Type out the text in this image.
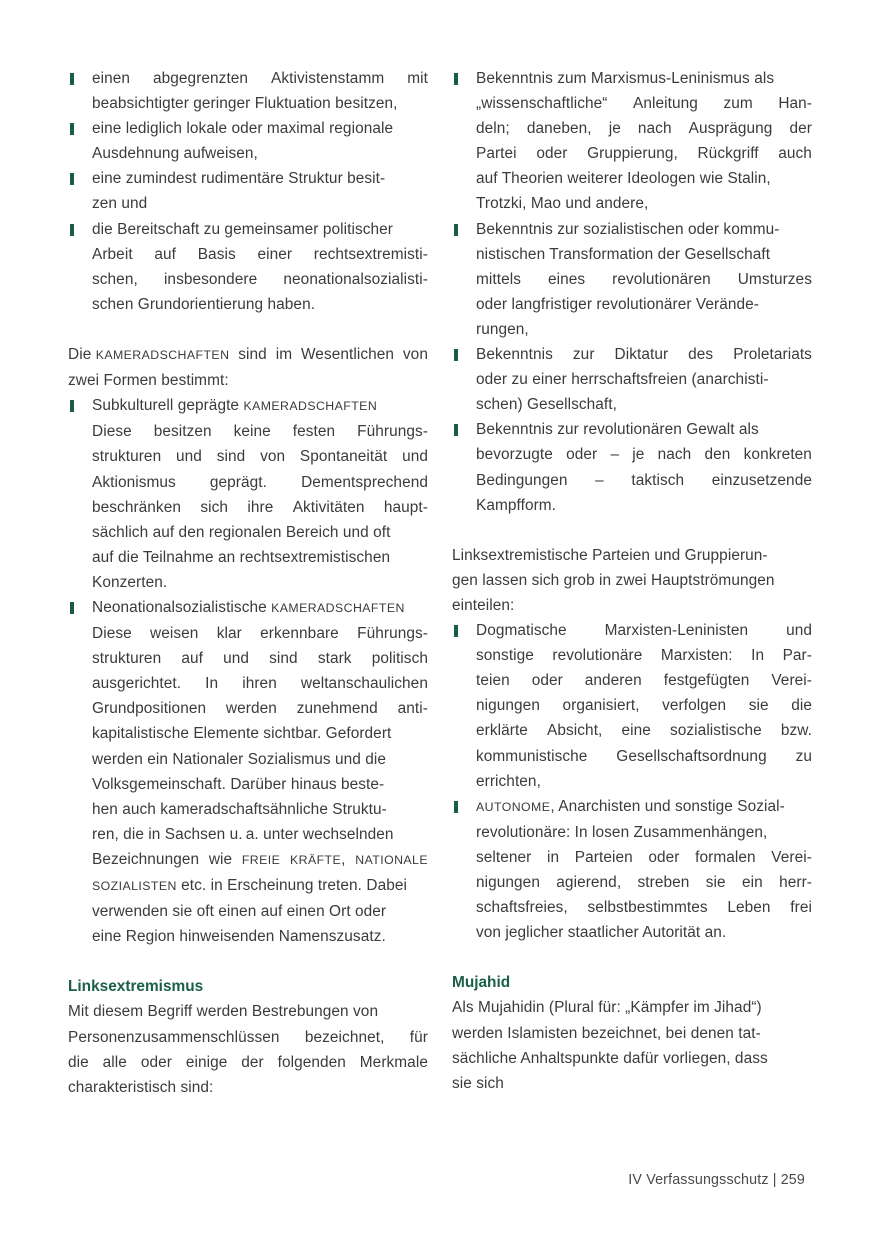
einen abgegrenzten Aktivistenstamm mit
beabsichtigter geringer Fluktuation besitzen,
eine lediglich lokale oder maximal regionale
Ausdehnung aufweisen,
eine zumindest rudimentäre Struktur besit-
zen und
die Bereitschaft zu gemeinsamer politischer
Arbeit auf Basis einer rechtsextremisti-
schen, insbesondere neonationalsozialisti-
schen Grundorientierung haben.
Die KAMERADSCHAFTEN sind im Wesentlichen von
zwei Formen bestimmt:
Subkulturell geprägte KAMERADSCHAFTEN
Diese besitzen keine festen Führungs-
strukturen und sind von Spontaneität und
Aktionismus geprägt. Dementsprechend
beschränken sich ihre Aktivitäten haupt-
sächlich auf den regionalen Bereich und oft
auf die Teilnahme an rechtsextremistischen
Konzerten.
Neonationalsozialistische KAMERADSCHAFTEN
Diese weisen klar erkennbare Führungs-
strukturen auf und sind stark politisch
ausgerichtet. In ihren weltanschaulichen
Grundpositionen werden zunehmend anti-
kapitalistische Elemente sichtbar. Gefordert
werden ein Nationaler Sozialismus und die
Volksgemeinschaft. Darüber hinaus beste-
hen auch kameradschaftsähnliche Struktu-
ren, die in Sachsen u. a. unter wechselnden
Bezeichnungen wie FREIE KRÄFTE, NATIONALE
SOZIALISTEN etc. in Erscheinung treten. Dabei
verwenden sie oft einen auf einen Ort oder
eine Region hinweisenden Namenszusatz.
Linksextremismus
Mit diesem Begriff werden Bestrebungen von
Personenzusammenschlüssen bezeichnet, für
die alle oder einige der folgenden Merkmale
charakteristisch sind:
Bekenntnis zum Marxismus-Leninismus als
„wissenschaftliche“ Anleitung zum Han-
deln; daneben, je nach Ausprägung der
Partei oder Gruppierung, Rückgriff auch
auf Theorien weiterer Ideologen wie Stalin,
Trotzki, Mao und andere,
Bekenntnis zur sozialistischen oder kommu-
nistischen Transformation der Gesellschaft
mittels eines revolutionären Umsturzes
oder langfristiger revolutionärer Verände-
rungen,
Bekenntnis zur Diktatur des Proletariats
oder zu einer herrschaftsfreien (anarchisti-
schen) Gesellschaft,
Bekenntnis zur revolutionären Gewalt als
bevorzugte oder – je nach den konkreten
Bedingungen – taktisch einzusetzende
Kampfform.
Linksextremistische Parteien und Gruppierun-
gen lassen sich grob in zwei Hauptströmungen
einteilen:
Dogmatische Marxisten-Leninisten und
sonstige revolutionäre Marxisten: In Par-
teien oder anderen festgefügten Verei-
nigungen organisiert, verfolgen sie die
erklärte Absicht, eine sozialistische bzw.
kommunistische Gesellschaftsordnung zu
errichten,
AUTONOME, Anarchisten und sonstige Sozial-
revolutionäre: In losen Zusammenhängen,
seltener in Parteien oder formalen Verei-
nigungen agierend, streben sie ein herr-
schaftsfreies, selbstbestimmtes Leben frei
von jeglicher staatlicher Autorität an.
Mujahid
Als Mujahidin (Plural für: „Kämpfer im Jihad“)
werden Islamisten bezeichnet, bei denen tat-
sächliche Anhaltspunkte dafür vorliegen, dass
sie sich
IV Verfassungsschutz | 259
